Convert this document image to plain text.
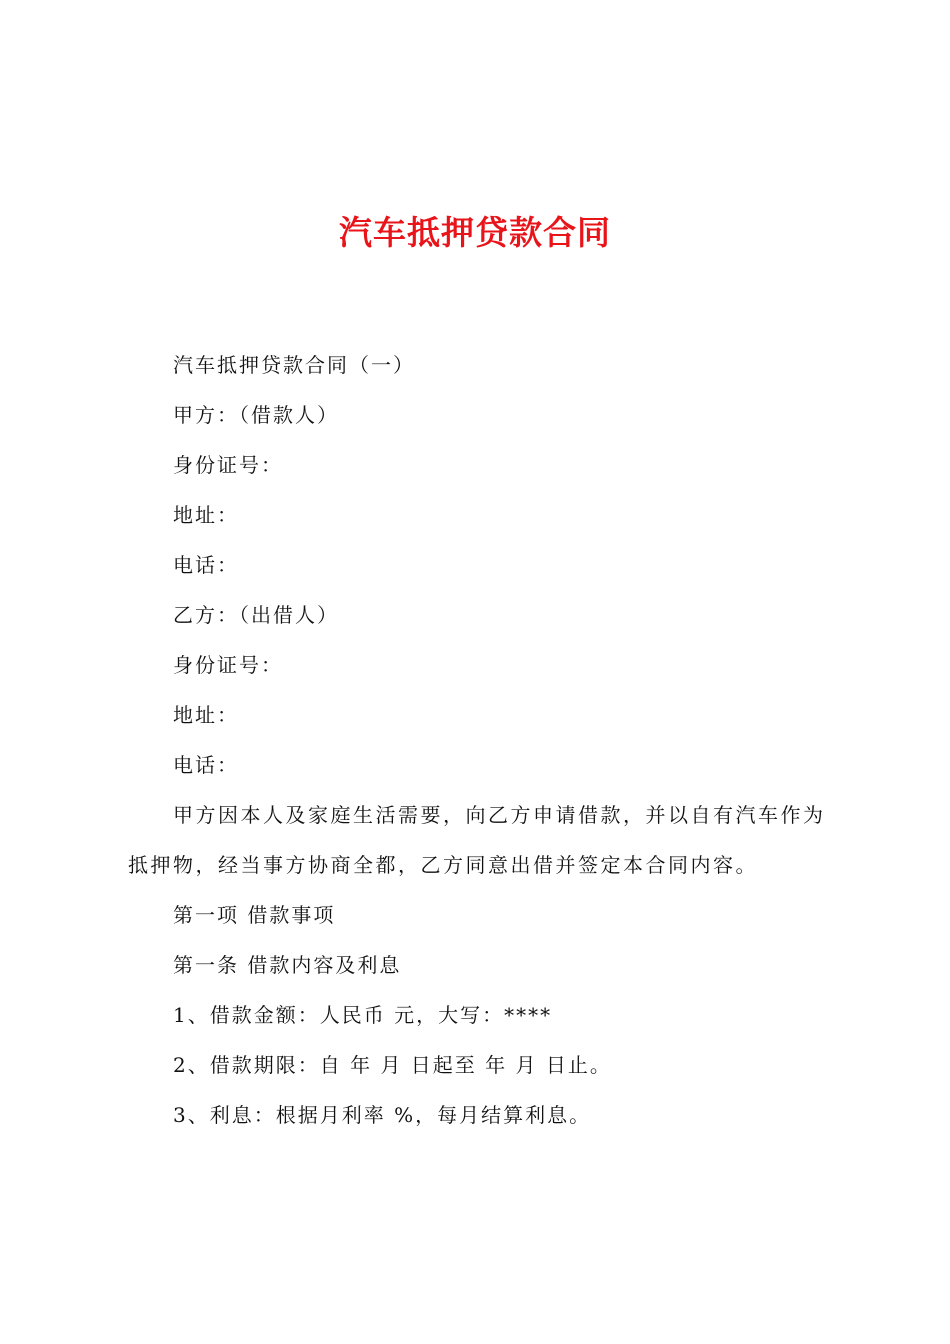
汽车抵押贷款合同

汽车抵押贷款合同（一）

甲方：（借款人）

身份证号：

地址：

电话：

乙方：（出借人）

身份证号：

地址：

电话：

甲方因本人及家庭生活需要，向乙方申请借款，并以自有汽车作为抵押物，经当事方协商全都，乙方同意出借并签定本合同内容。

第一项 借款事项

第一条 借款内容及利息

1、借款金额：人民币 元，大写：****

2、借款期限：自 年 月 日起至 年 月 日止。

3、利息：根据月利率 %，每月结算利息。
